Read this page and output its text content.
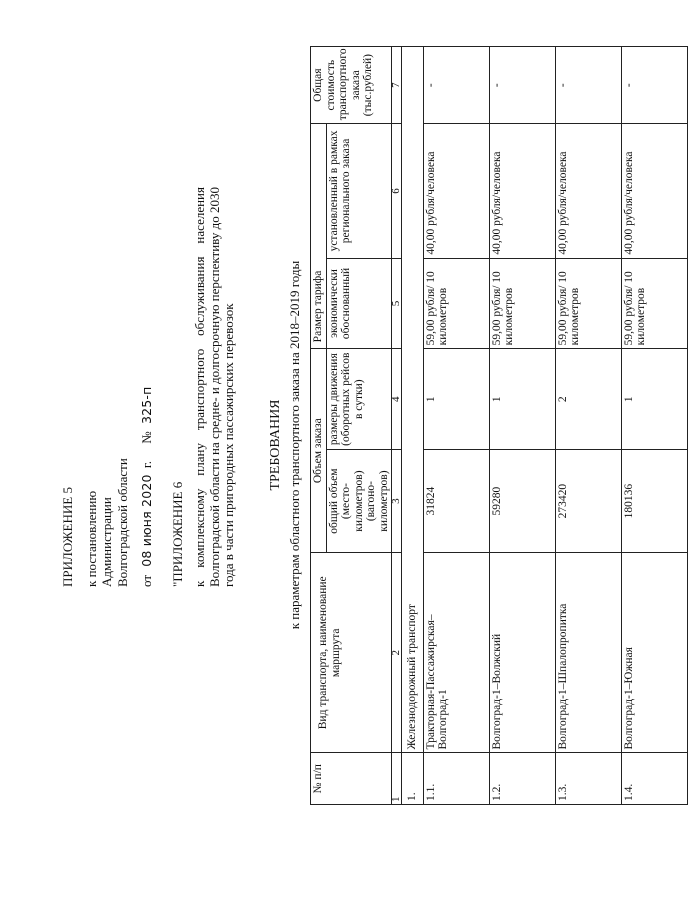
ПРИЛОЖЕНИЕ 5 к постановлению Администрации Волгоградской области от 08 июня 2020 г. № 325-п
"ПРИЛОЖЕНИЕ 6 к комплексному плану транспортного обслуживания населения Волгоградской области на средне- и долгосрочную перспективу до 2030 года в части пригородных пассажирских перевозок ТРЕБОВАНИЯ к параметрам областного транспортного заказа на 2018–2019 годы
№ п/п	Вид транспорта, наименование маршрута	Объем заказа		Размер тарифа		Общая стоимость транспортного заказа (тыс.рублей)
		общий объем (место-километров) (вагоно-километров)	размеры движения (оборотных рейсов в сутки)	экономически обоснованный	установленный в рамках регионального заказа	
1	2	3	4	5	6	7
1.	Железнодорожный транспорт					
1.1.	Тракторная-Пассажирская–Волгоград-1	31824	1	59,00 рубля/ 10 километров	40,00 рубля/человека	-
1.2.	Волгоград-1–Волжский	59280	1	59,00 рубля/ 10 километров	40,00 рубля/человека	-
1.3.	Волгоград-1–Шпалопропитка	273420	2	59,00 рубля/ 10 километров	40,00 рубля/человека	-
1.4.	Волгоград-1–Южная	180136	1	59,00 рубля/ 10 километров	40,00 рубля/человека	-
